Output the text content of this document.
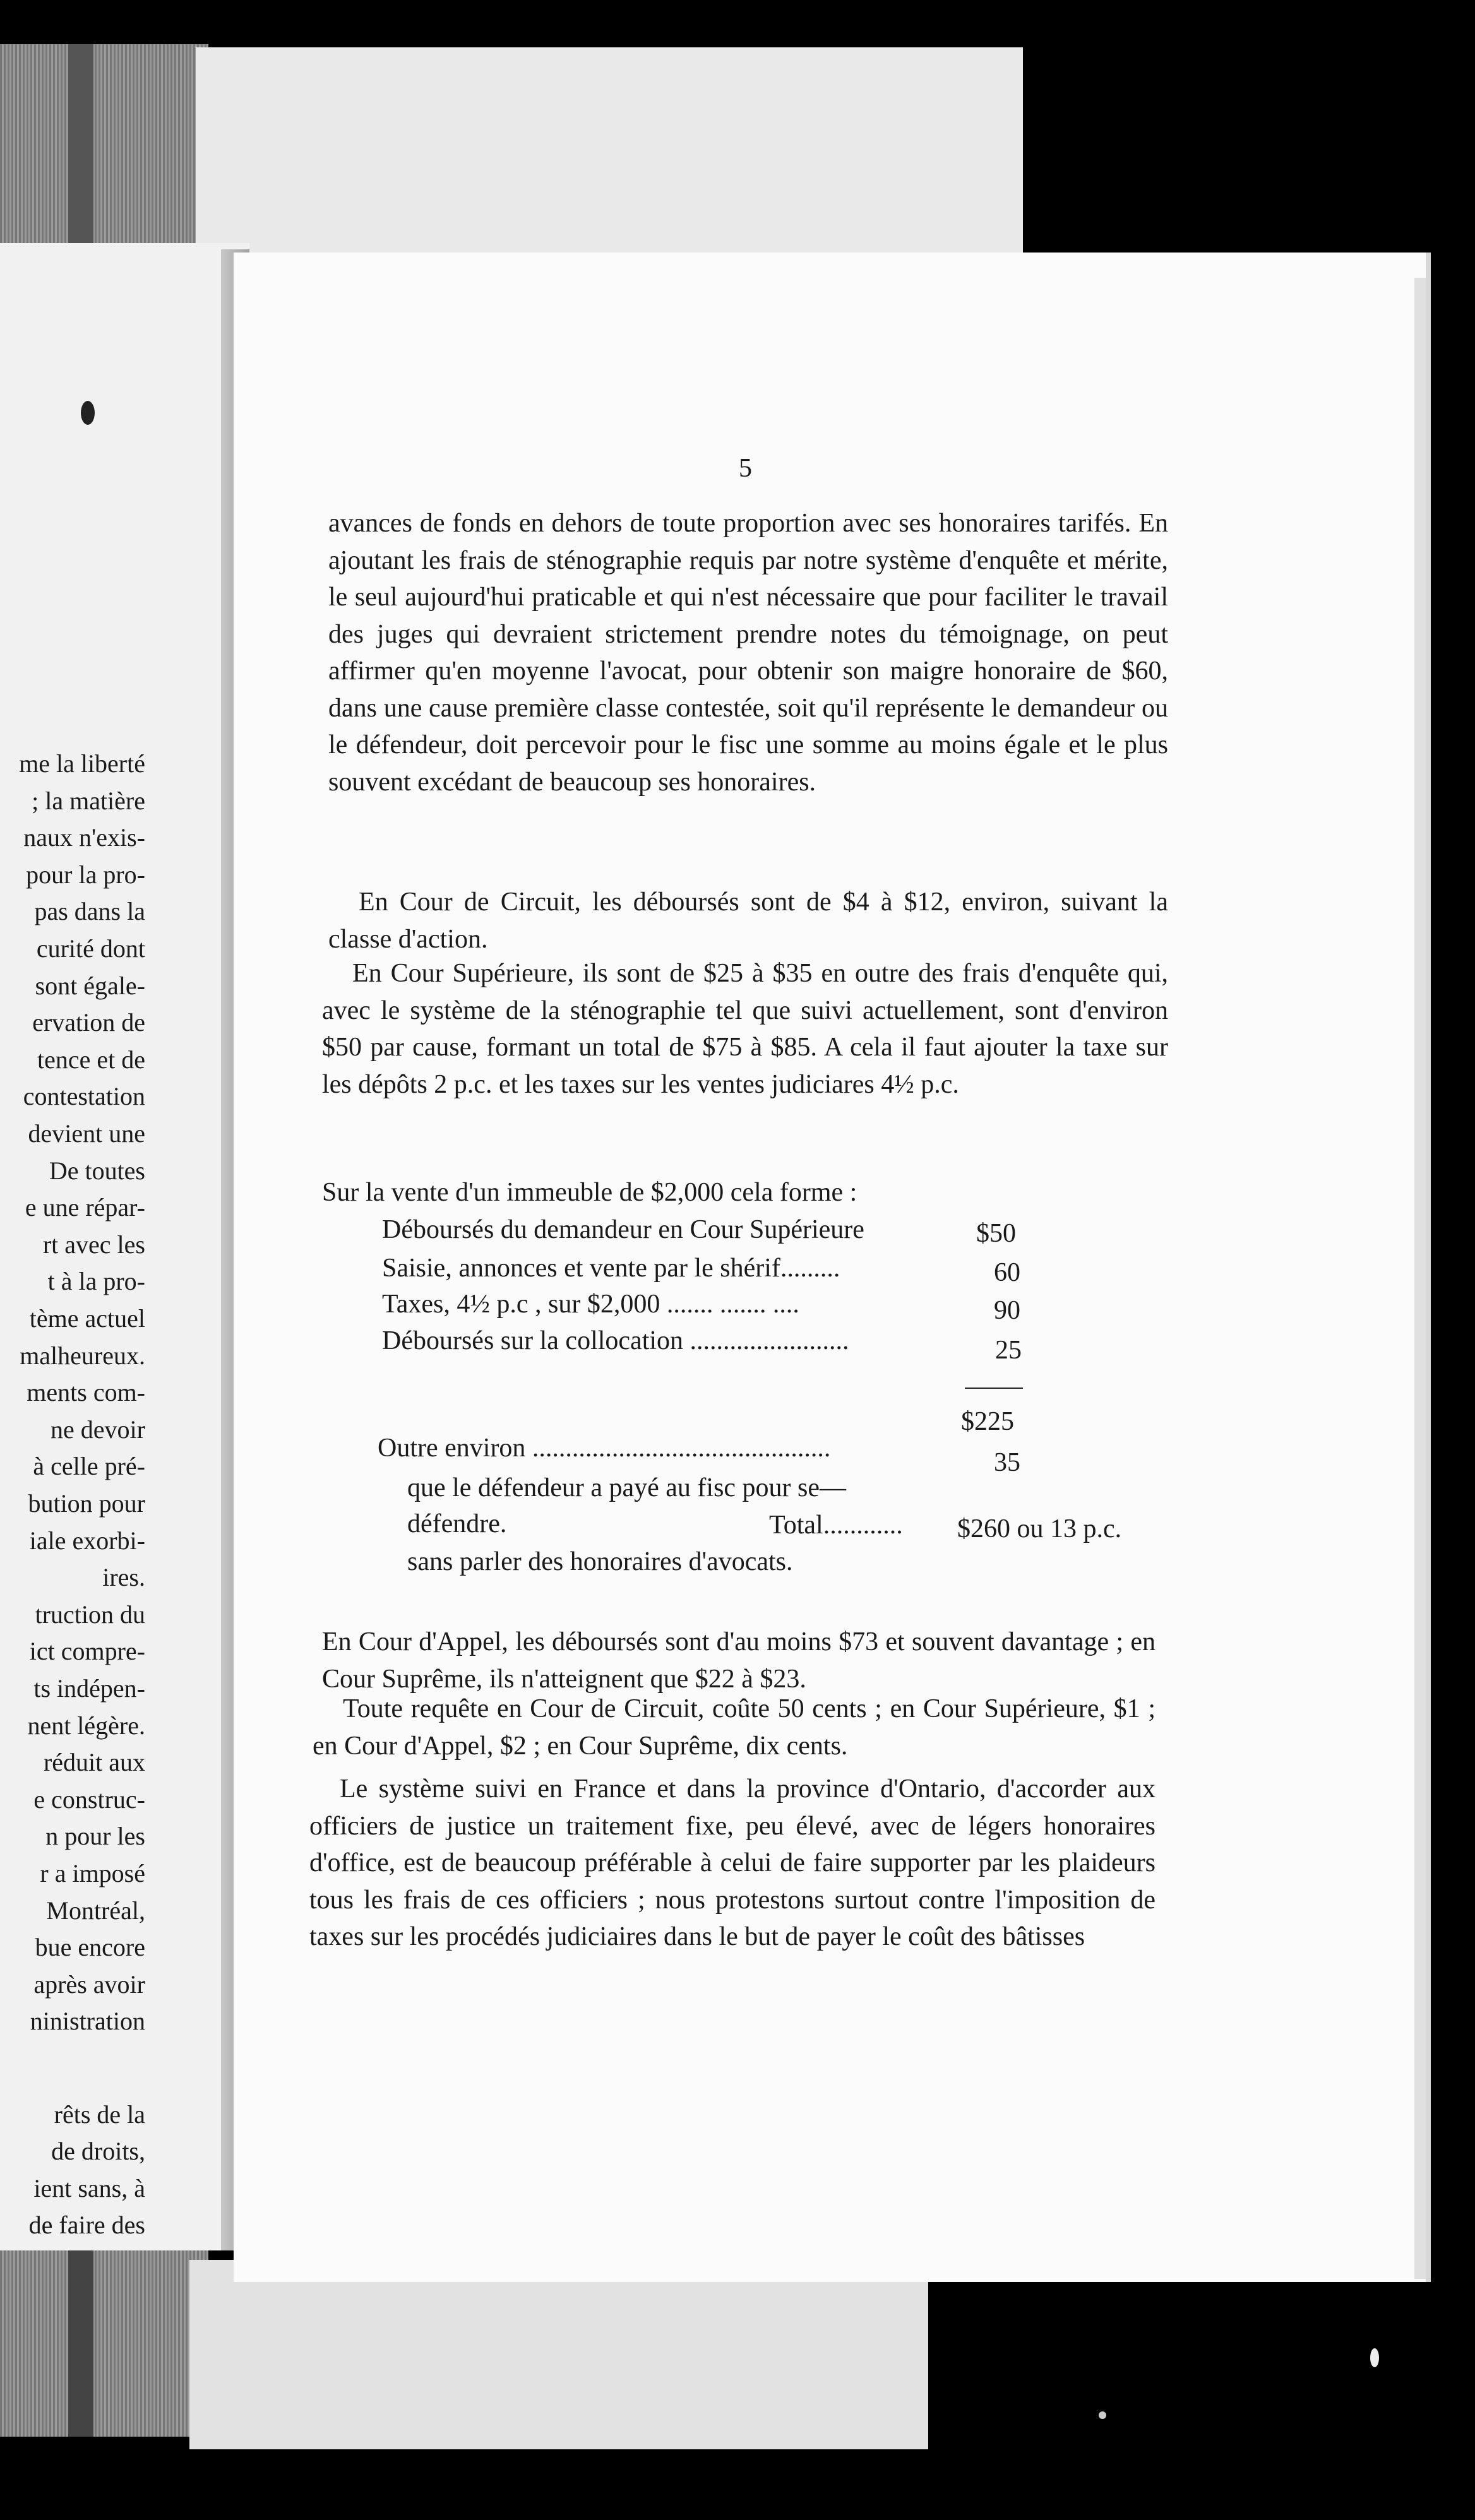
me la liberté
; la matière
naux n'exis-
pour la pro-
pas dans la
curité dont
sont égale-
ervation de
tence et de
contestation
devient une
De toutes
e une répar-
rt avec les
t à la pro-
tème actuel
malheureux.
ments com-
ne devoir
à celle pré-
bution pour
iale exorbi-
ires.
truction du
ict compre-
ts indépen-
nent légère.
réduit aux
e construc-
n pour les
r a imposé
Montréal,
bue encore
après avoir
ninistration
rêts de la
de droits,
ient sans, à
de faire des
5
avances de fonds en dehors de toute proportion avec ses honoraires tarifés. En ajoutant les frais de sténographie requis par notre système d'enquête et mérite, le seul aujourd'hui praticable et qui n'est nécessaire que pour faciliter le travail des juges qui devraient strictement prendre notes du témoignage, on peut affirmer qu'en moyenne l'avocat, pour obtenir son maigre honoraire de $60, dans une cause première classe contestée, soit qu'il représente le demandeur ou le défendeur, doit percevoir pour le fisc une somme au moins égale et le plus souvent excédant de beaucoup ses honoraires.
En Cour de Circuit, les déboursés sont de $4 à $12, environ, suivant la classe d'action.
En Cour Supérieure, ils sont de $25 à $35 en outre des frais d'enquête qui, avec le système de la sténographie tel que suivi actuellement, sont d'environ $50 par cause, formant un total de $75 à $85. A cela il faut ajouter la taxe sur les dépôts 2 p.c. et les taxes sur les ventes judiciares 4½ p.c.
Sur la vente d'un immeuble de $2,000 cela forme :
Déboursés du demandeur en Cour Supérieure	$50
Saisie, annonces et vente par le shérif.........	60
Taxes, 4½ p.c , sur $2,000 ....... ....... ....	90
Déboursés sur la collocation ........................	25
$225
Outre environ .............................................	35
que le défendeur a payé au fisc pour se—
défendre.	Total............ $260 ou 13 p.c.
sans parler des honoraires d'avocats.
En Cour d'Appel, les déboursés sont d'au moins $73 et souvent davantage ; en Cour Suprême, ils n'atteignent que $22 à $23.
Toute requête en Cour de Circuit, coûte 50 cents ; en Cour Supérieure, $1 ; en Cour d'Appel, $2 ; en Cour Suprême, dix cents.
Le système suivi en France et dans la province d'Ontario, d'accorder aux officiers de justice un traitement fixe, peu élevé, avec de légers honoraires d'office, est de beaucoup préférable à celui de faire supporter par les plaideurs tous les frais de ces officiers ; nous protestons surtout contre l'imposition de taxes sur les procédés judiciaires dans le but de payer le coût des bâtisses
